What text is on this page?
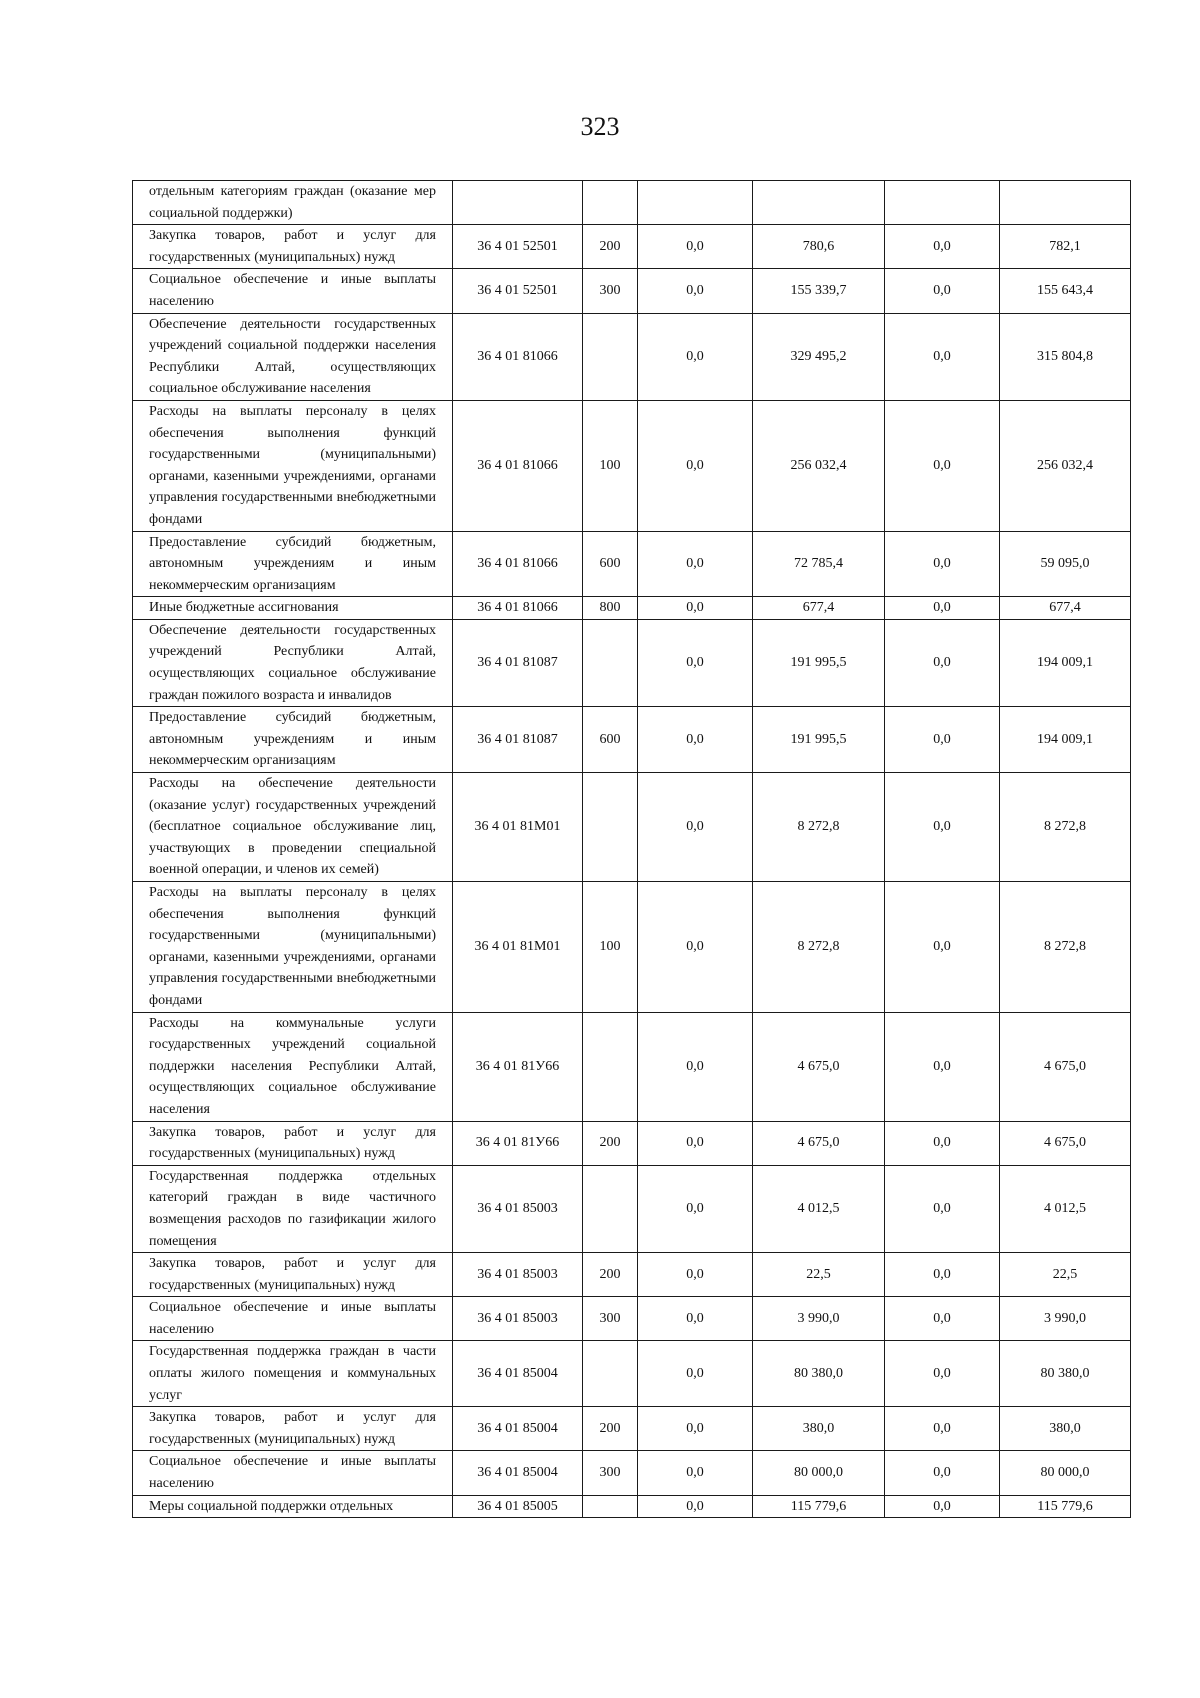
323
отдельным категориям граждан (оказание мер социальной поддержки)						
Закупка товаров, работ и услуг для государственных (муниципальных) нужд	36 4 01 52501	200	0,0	780,6	0,0	782,1
Социальное обеспечение и иные выплаты населению	36 4 01 52501	300	0,0	155 339,7	0,0	155 643,4
Обеспечение деятельности государственных учреждений социальной поддержки населения Республики Алтай, осуществляющих социальное обслуживание населения	36 4 01 81066		0,0	329 495,2	0,0	315 804,8
Расходы на выплаты персоналу в целях обеспечения выполнения функций государственными (муниципальными) органами, казенными учреждениями, органами управления государственными внебюджетными фондами	36 4 01 81066	100	0,0	256 032,4	0,0	256 032,4
Предоставление субсидий бюджетным, автономным учреждениям и иным некоммерческим организациям	36 4 01 81066	600	0,0	72 785,4	0,0	59 095,0
Иные бюджетные ассигнования	36 4 01 81066	800	0,0	677,4	0,0	677,4
Обеспечение деятельности государственных учреждений Республики Алтай, осуществляющих социальное обслуживание граждан пожилого возраста и инвалидов	36 4 01 81087		0,0	191 995,5	0,0	194 009,1
Предоставление субсидий бюджетным, автономным учреждениям и иным некоммерческим организациям	36 4 01 81087	600	0,0	191 995,5	0,0	194 009,1
Расходы на обеспечение деятельности (оказание услуг) государственных учреждений (бесплатное социальное обслуживание лиц, участвующих в проведении специальной военной операции, и членов их семей)	36 4 01 81М01		0,0	8 272,8	0,0	8 272,8
Расходы на выплаты персоналу в целях обеспечения выполнения функций государственными (муниципальными) органами, казенными учреждениями, органами управления государственными внебюджетными фондами	36 4 01 81М01	100	0,0	8 272,8	0,0	8 272,8
Расходы на коммунальные услуги государственных учреждений социальной поддержки населения Республики Алтай, осуществляющих социальное обслуживание населения	36 4 01 81У66		0,0	4 675,0	0,0	4 675,0
Закупка товаров, работ и услуг для государственных (муниципальных) нужд	36 4 01 81У66	200	0,0	4 675,0	0,0	4 675,0
Государственная поддержка отдельных категорий граждан в виде частичного возмещения расходов по газификации жилого помещения	36 4 01 85003		0,0	4 012,5	0,0	4 012,5
Закупка товаров, работ и услуг для государственных (муниципальных) нужд	36 4 01 85003	200	0,0	22,5	0,0	22,5
Социальное обеспечение и иные выплаты населению	36 4 01 85003	300	0,0	3 990,0	0,0	3 990,0
Государственная поддержка граждан в части оплаты жилого помещения и коммунальных услуг	36 4 01 85004		0,0	80 380,0	0,0	80 380,0
Закупка товаров, работ и услуг для государственных (муниципальных) нужд	36 4 01 85004	200	0,0	380,0	0,0	380,0
Социальное обеспечение и иные выплаты населению	36 4 01 85004	300	0,0	80 000,0	0,0	80 000,0
Меры социальной поддержки отдельных	36 4 01 85005		0,0	115 779,6	0,0	115 779,6
